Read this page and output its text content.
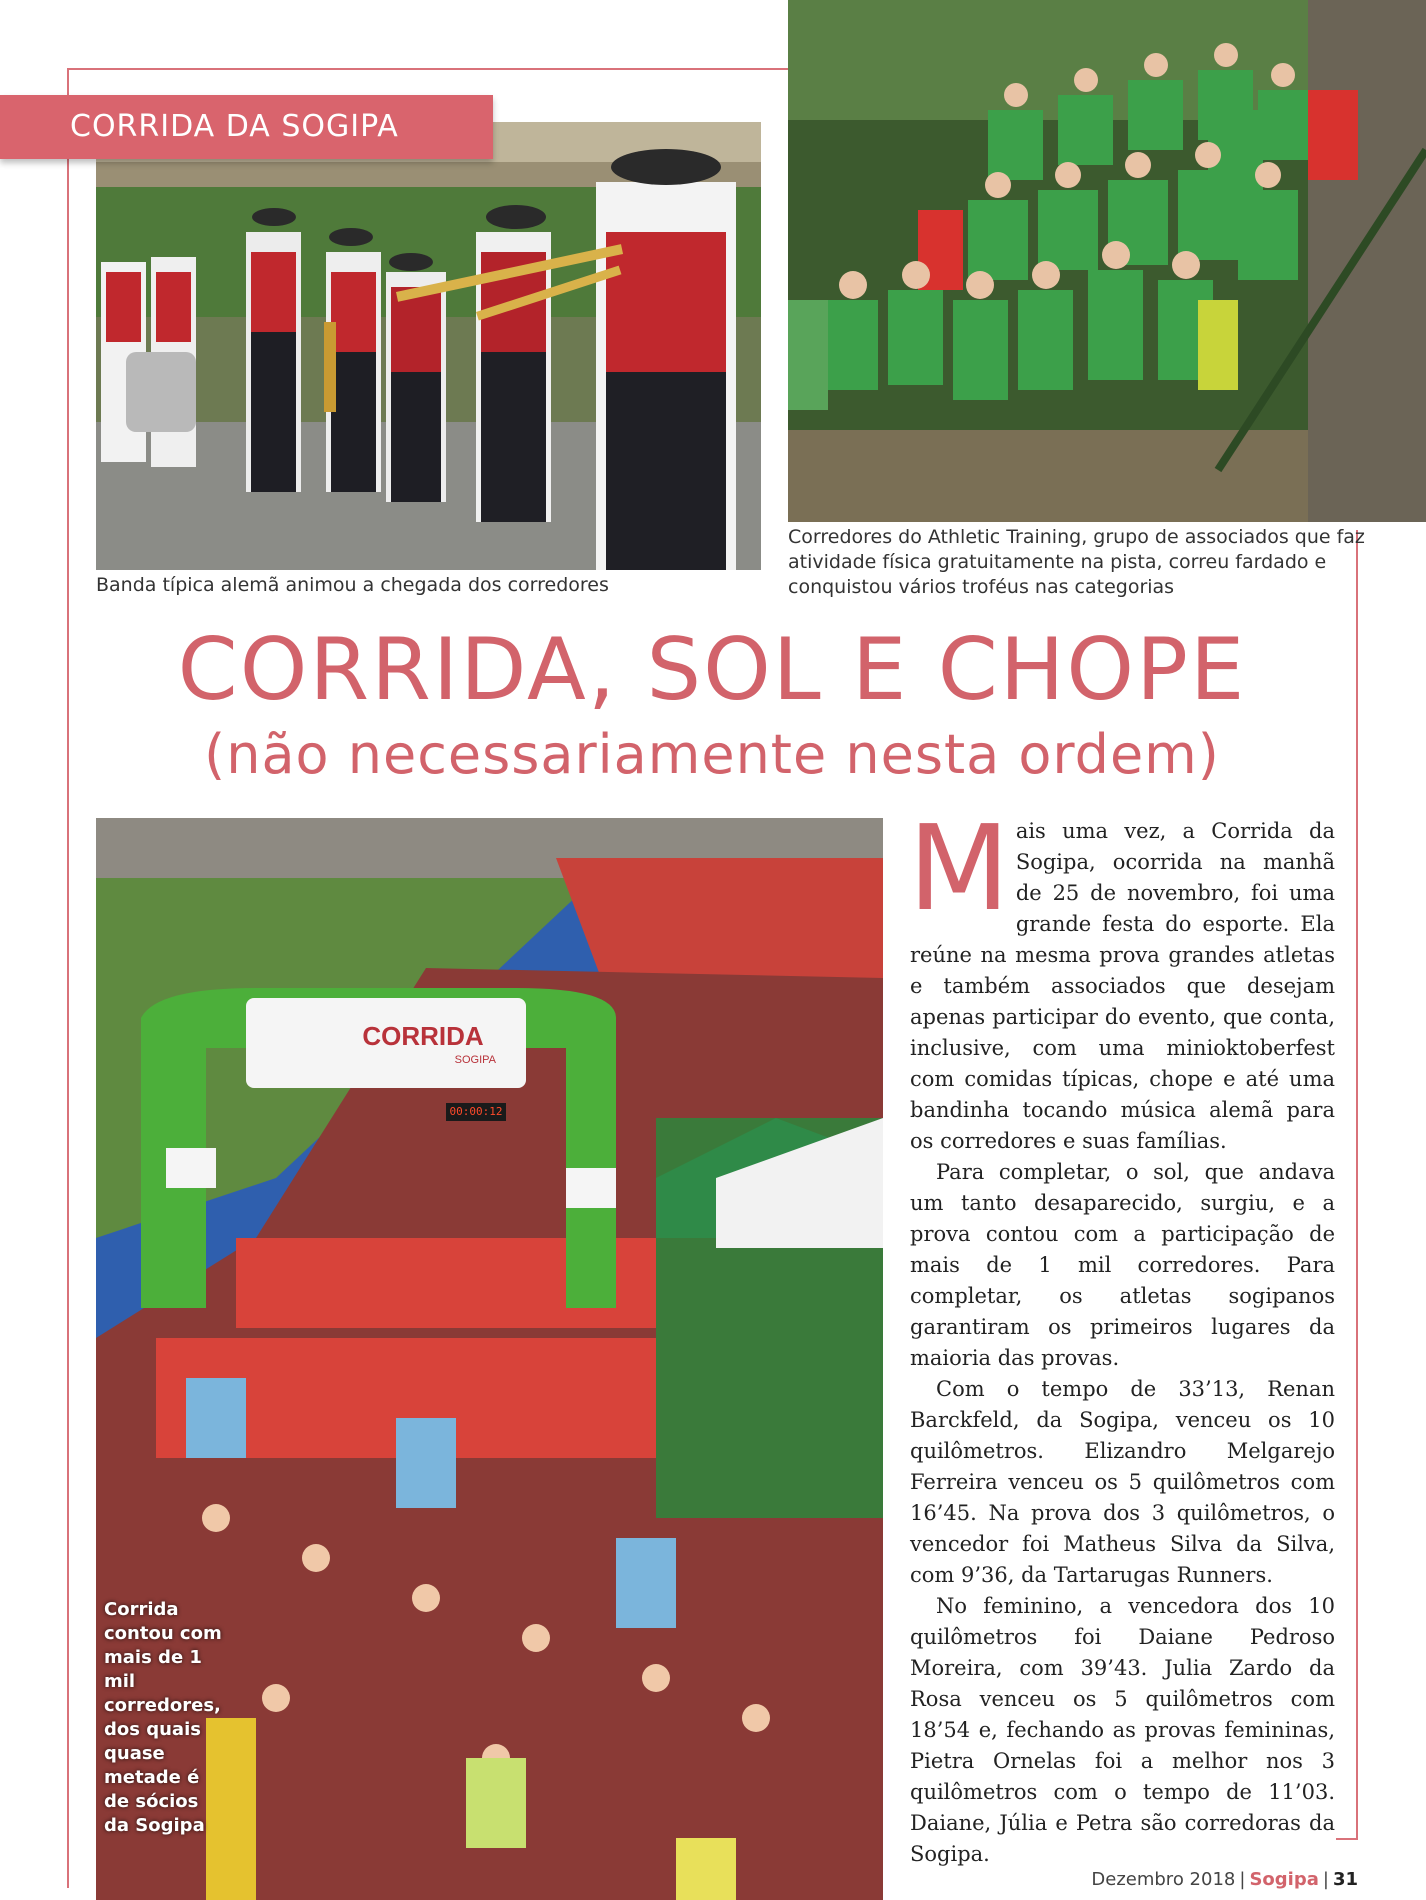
CORRIDA DA SOGIPA
Banda típica alemã animou a chegada dos corredores
Corredores do Athletic Training, grupo de associados que faz atividade física gratuitamente na pista, correu fardado e conquistou vários troféus nas categorias
CORRIDA, SOL E CHOPE
(não necessariamente nesta ordem)
CORRIDA
SOGIPA
00:00:12
Corrida contou com mais de 1 mil corredores, dos quais quase metade é de sócios da Sogipa

Mais uma vez, a Corrida da Sogipa, ocorrida na manhã de 25 de novembro, foi uma grande festa do esporte. Ela reúne na mesma prova grandes atletas e também associados que desejam apenas participar do evento, que conta, inclusive, com uma minioktoberfest com comidas típicas, chope e até uma bandinha tocando música alemã para os corredores e suas famílias.

Para completar, o sol, que andava um tanto desaparecido, surgiu, e a prova contou com a participação de mais de 1 mil corredores. Para completar, os atletas sogipanos garantiram os primeiros lugares da maioria das provas.

Com o tempo de 33’13, Renan Barckfeld, da Sogipa, venceu os 10 quilômetros. Elizandro Melgarejo Ferreira venceu os 5 quilômetros com 16’45. Na prova dos 3 quilômetros, o vencedor foi Matheus Silva da Silva, com 9’36, da Tartarugas Runners.

No feminino, a vencedora dos 10 quilômetros foi Daiane Pedroso Moreira, com 39’43. Julia Zardo da Rosa venceu os 5 quilômetros com 18’54 e, fechando as provas femininas, Pietra Ornelas foi a melhor nos 3 quilômetros com o tempo de 11’03. Daiane, Júlia e Petra são corredoras da Sogipa.

Dezembro 2018 | Sogipa | 31
